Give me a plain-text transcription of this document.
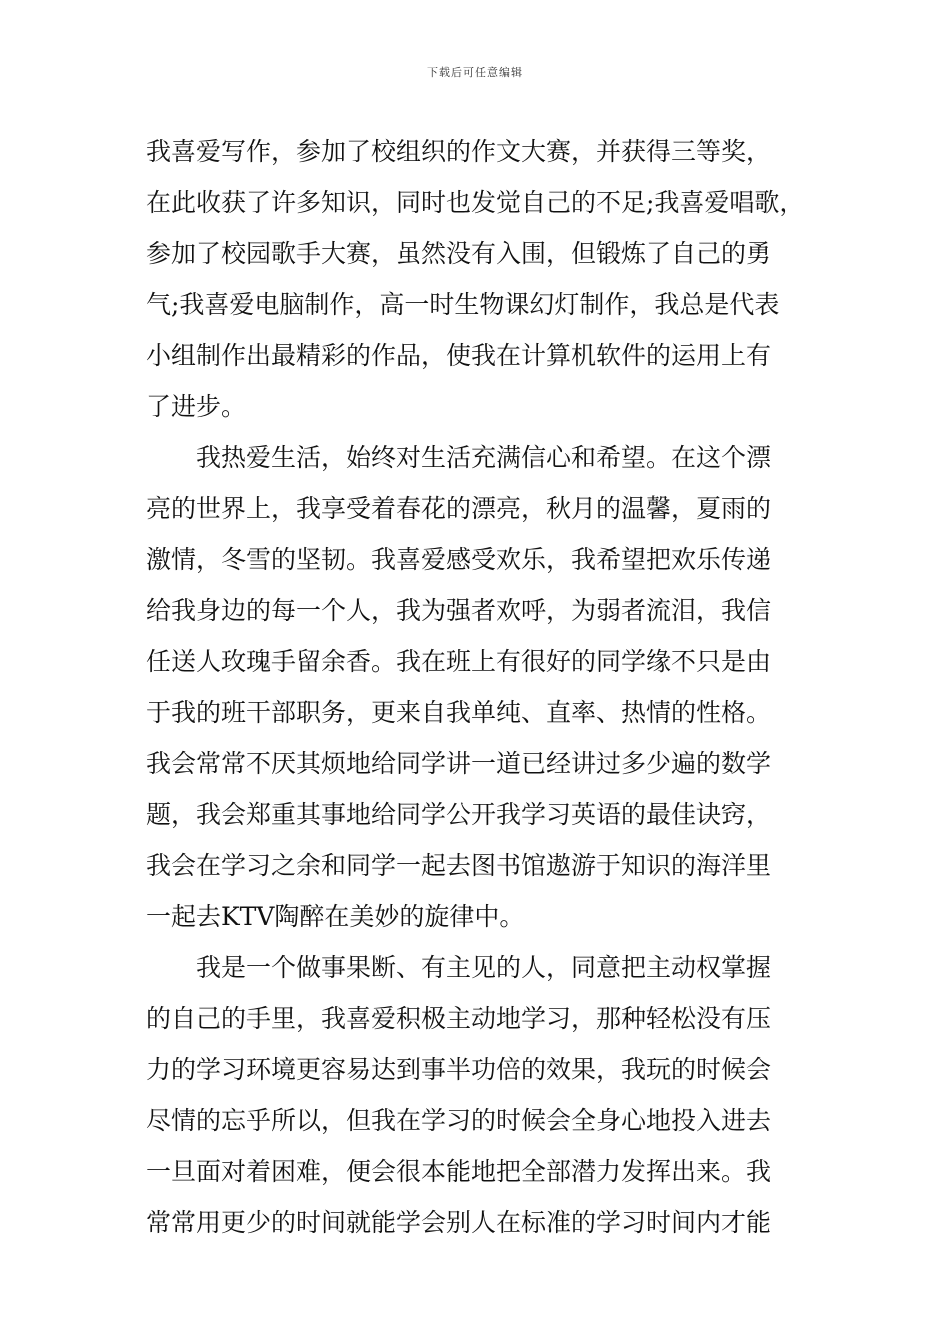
下载后可任意编辑
我喜爱写作，参加了校组织的作文大赛，并获得三等奖，
在此收获了许多知识，同时也发觉自己的不足;我喜爱唱歌，
参加了校园歌手大赛，虽然没有入围，但锻炼了自己的勇
气;我喜爱电脑制作，高一时生物课幻灯制作，我总是代表
小组制作出最精彩的作品，使我在计算机软件的运用上有
了进步。
　　我热爱生活，始终对生活充满信心和希望。在这个漂
亮的世界上，我享受着春花的漂亮，秋月的温馨，夏雨的
激情，冬雪的坚韧。我喜爱感受欢乐，我希望把欢乐传递
给我身边的每一个人，我为强者欢呼，为弱者流泪，我信
任送人玫瑰手留余香。我在班上有很好的同学缘不只是由
于我的班干部职务，更来自我单纯、直率、热情的性格。
我会常常不厌其烦地给同学讲一道已经讲过多少遍的数学
题，我会郑重其事地给同学公开我学习英语的最佳诀窍，
我会在学习之余和同学一起去图书馆遨游于知识的海洋里
一起去KTV陶醉在美妙的旋律中。
　　我是一个做事果断、有主见的人，同意把主动权掌握
的自己的手里，我喜爱积极主动地学习，那种轻松没有压
力的学习环境更容易达到事半功倍的效果，我玩的时候会
尽情的忘乎所以，但我在学习的时候会全身心地投入进去
一旦面对着困难，便会很本能地把全部潜力发挥出来。我
常常用更少的时间就能学会别人在标准的学习时间内才能
